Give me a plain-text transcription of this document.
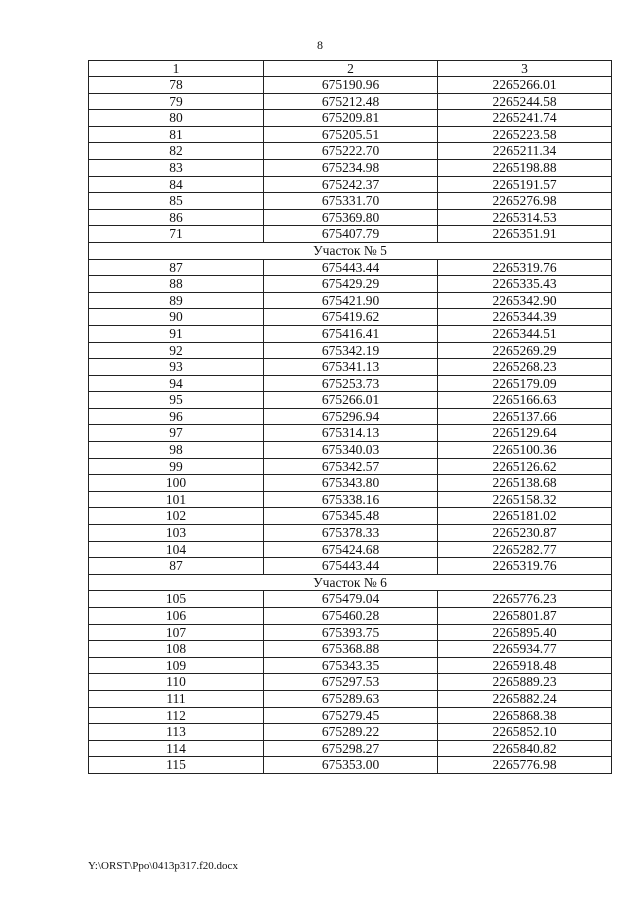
8
1	2	3
78	675190.96	2265266.01
79	675212.48	2265244.58
80	675209.81	2265241.74
81	675205.51	2265223.58
82	675222.70	2265211.34
83	675234.98	2265198.88
84	675242.37	2265191.57
85	675331.70	2265276.98
86	675369.80	2265314.53
71	675407.79	2265351.91
Участок № 5		
87	675443.44	2265319.76
88	675429.29	2265335.43
89	675421.90	2265342.90
90	675419.62	2265344.39
91	675416.41	2265344.51
92	675342.19	2265269.29
93	675341.13	2265268.23
94	675253.73	2265179.09
95	675266.01	2265166.63
96	675296.94	2265137.66
97	675314.13	2265129.64
98	675340.03	2265100.36
99	675342.57	2265126.62
100	675343.80	2265138.68
101	675338.16	2265158.32
102	675345.48	2265181.02
103	675378.33	2265230.87
104	675424.68	2265282.77
87	675443.44	2265319.76
Участок № 6		
105	675479.04	2265776.23
106	675460.28	2265801.87
107	675393.75	2265895.40
108	675368.88	2265934.77
109	675343.35	2265918.48
110	675297.53	2265889.23
111	675289.63	2265882.24
112	675279.45	2265868.38
113	675289.22	2265852.10
114	675298.27	2265840.82
115	675353.00	2265776.98
Y:\ORST\Ppo\0413p317.f20.docx
